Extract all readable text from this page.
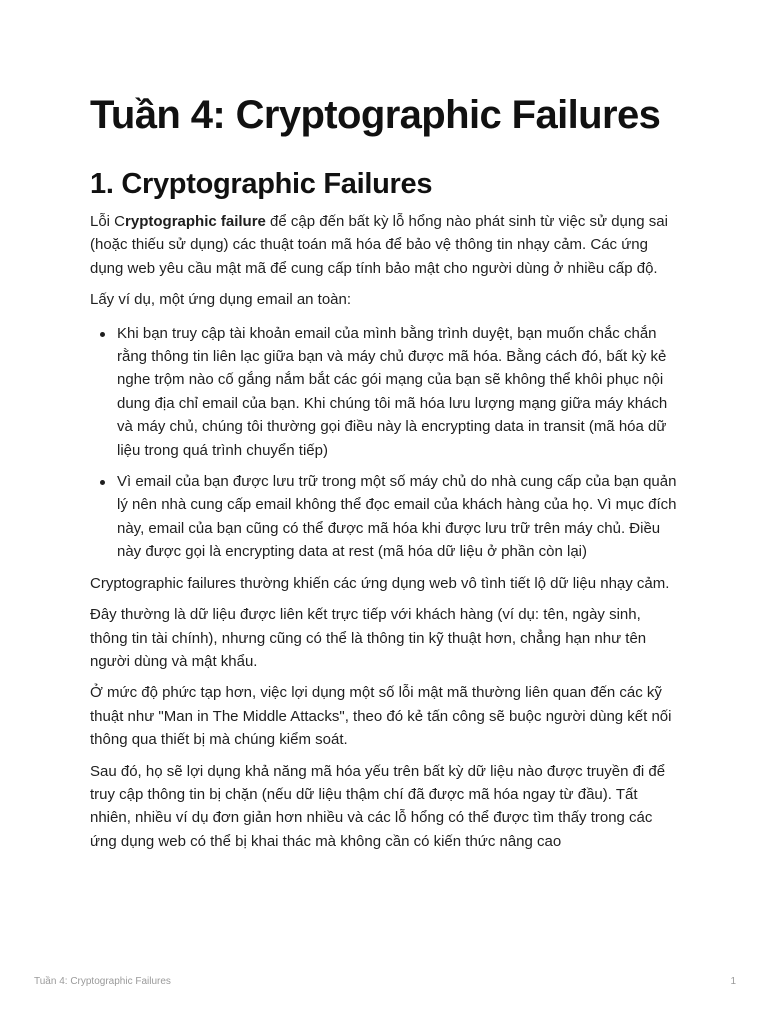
Tuần 4: Cryptographic Failures
1. Cryptographic Failures

Lỗi Cryptographic failure để cập đến bất kỳ lỗ hổng nào phát sinh từ việc sử dụng sai (hoặc thiếu sử dụng) các thuật toán mã hóa để bảo vệ thông tin nhạy cảm. Các ứng dụng web yêu cầu mật mã để cung cấp tính bảo mật cho người dùng ở nhiều cấp độ.

Lấy ví dụ, một ứng dụng email an toàn:

Khi bạn truy cập tài khoản email của mình bằng trình duyệt, bạn muốn chắc chắn rằng thông tin liên lạc giữa bạn và máy chủ được mã hóa. Bằng cách đó, bất kỳ kẻ nghe trộm nào cố gắng nắm bắt các gói mạng của bạn sẽ không thể khôi phục nội dung địa chỉ email của bạn. Khi chúng tôi mã hóa lưu lượng mạng giữa máy khách và máy chủ, chúng tôi thường gọi điều này là encrypting data in transit (mã hóa dữ liệu trong quá trình chuyển tiếp)
Vì email của bạn được lưu trữ trong một số máy chủ do nhà cung cấp của bạn quản lý nên nhà cung cấp email không thể đọc email của khách hàng của họ. Vì mục đích này, email của bạn cũng có thể được mã hóa khi được lưu trữ trên máy chủ. Điều này được gọi là encrypting data at rest (mã hóa dữ liệu ở phần còn lại)

Cryptographic failures thường khiến các ứng dụng web vô tình tiết lộ dữ liệu nhạy cảm.

Đây thường là dữ liệu được liên kết trực tiếp với khách hàng (ví dụ: tên, ngày sinh, thông tin tài chính), nhưng cũng có thể là thông tin kỹ thuật hơn, chẳng hạn như tên người dùng và mật khẩu.

Ở mức độ phức tạp hơn, việc lợi dụng một số lỗi mật mã thường liên quan đến các kỹ thuật như "Man in The Middle Attacks", theo đó kẻ tấn công sẽ buộc người dùng kết nối thông qua thiết bị mà chúng kiểm soát.

Sau đó, họ sẽ lợi dụng khả năng mã hóa yếu trên bất kỳ dữ liệu nào được truyền đi để truy cập thông tin bị chặn (nếu dữ liệu thậm chí đã được mã hóa ngay từ đầu). Tất nhiên, nhiều ví dụ đơn giản hơn nhiều và các lỗ hổng có thể được tìm thấy trong các ứng dụng web có thể bị khai thác mà không cần có kiến thức nâng cao

Tuần 4: Cryptographic Failures	1
